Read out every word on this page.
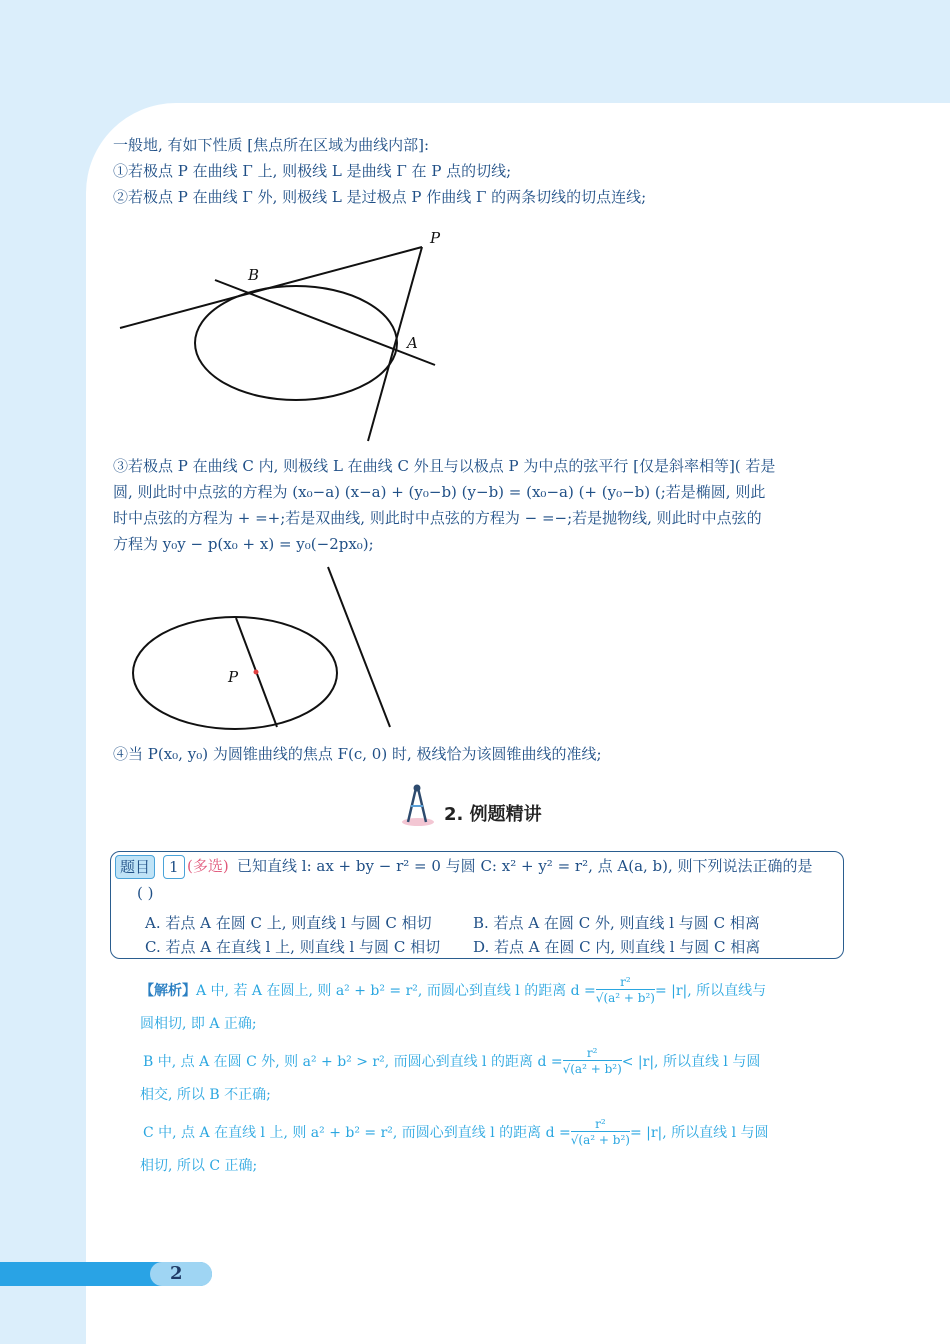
一般地, 有如下性质 [焦点所在区域为曲线内部]:
①若极点 P 在曲线 Γ 上, 则极线 L 是曲线 Γ 在 P 点的切线;
②若极点 P 在曲线 Γ 外, 则极线 L 是过极点 P 作曲线 Γ 的两条切线的切点连线;
P
B
A
③若极点 P 在曲线 C 内, 则极线 L 在曲线 C 外且与以极点 P 为中点的弦平行 [仅是斜率相等]( 若是
圆, 则此时中点弦的方程为 (x₀−a) (x−a) + (y₀−b) (y−b) = (x₀−a) (+ (y₀−b) (;若是椭圆, 则此
时中点弦的方程为 + =+;若是双曲线, 则此时中点弦的方程为 − =−;若是抛物线, 则此时中点弦的
方程为 y₀y − p(x₀ + x) = y₀(−2px₀);
P
④当 P(x₀, y₀) 为圆锥曲线的焦点 F(c, 0) 时, 极线恰为该圆锥曲线的准线;
2. 例题精讲
题目	1 (多选) 已知直线 l: ax + by − r² = 0 与圆 C: x² + y² = r², 点 A(a, b), 则下列说法正确的是
( )
A. 若点 A 在圆 C 上, 则直线 l 与圆 C 相切	B. 若点 A 在圆 C 外, 则直线 l 与圆 C 相离
C. 若点 A 在直线 l 上, 则直线 l 与圆 C 相切 D. 若点 A 在圆 C 内, 则直线 l 与圆 C 相离
【解析】 A 中, 若 A 在圆上, 则 a² + b² = r², 而圆心到直线 l 的距离 $d = \frac{\text{r²}}{\text{√(a² + b²)}} = |r|$, 所以直线与
圆相切, 即 A 正确;
B 中, 点 A 在圆 C 外, 则 a² + b² > r², 而圆心到直线 l 的距离 $d = \frac{\text{r²}}{\text{√(a² + b²)}} < |r|$, 所以直线 l 与圆
相交, 所以 B 不正确;
C 中, 点 A 在直线 l 上, 则 a² + b² = r², 而圆心到直线 l 的距离 $d = \frac{\text{r²}}{\text{√(a² + b²)}} = |r|$, 所以直线 l 与圆
相切, 所以 C 正确;
2
